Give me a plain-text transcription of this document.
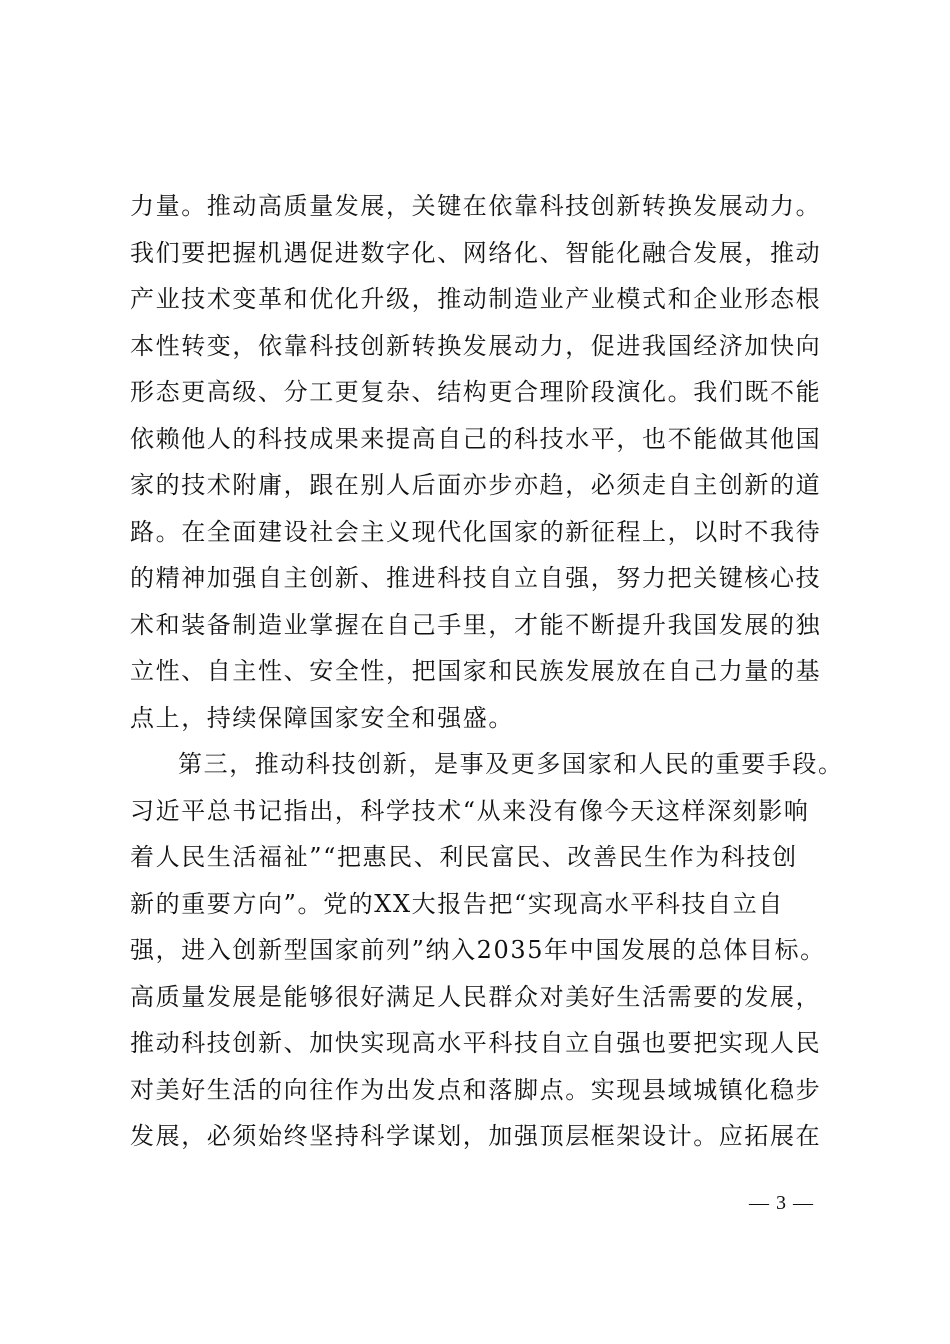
力量。推动高质量发展，关键在依靠科技创新转换发展动力。
我们要把握机遇促进数字化、网络化、智能化融合发展，推动
产业技术变革和优化升级，推动制造业产业模式和企业形态根
本性转变，依靠科技创新转换发展动力，促进我国经济加快向
形态更高级、分工更复杂、结构更合理阶段演化。我们既不能
依赖他人的科技成果来提高自己的科技水平，也不能做其他国
家的技术附庸，跟在别人后面亦步亦趋，必须走自主创新的道
路。在全面建设社会主义现代化国家的新征程上，以时不我待
的精神加强自主创新、推进科技自立自强，努力把关键核心技
术和装备制造业掌握在自己手里，才能不断提升我国发展的独
立性、自主性、安全性，把国家和民族发展放在自己力量的基
点上，持续保障国家安全和强盛。
第三，推动科技创新，是事及更多国家和人民的重要手段。
习近平总书记指出，科学技术“从来没有像今天这样深刻影响
着人民生活福祉”“把惠民、利民富民、改善民生作为科技创
新的重要方向”。党的XX大报告把“实现高水平科技自立自
强，进入创新型国家前列”纳入2035年中国发展的总体目标。
高质量发展是能够很好满足人民群众对美好生活需要的发展，
推动科技创新、加快实现高水平科技自立自强也要把实现人民
对美好生活的向往作为出发点和落脚点。实现县域城镇化稳步
发展，必须始终坚持科学谋划，加强顶层框架设计。应拓展在
— 3 —
